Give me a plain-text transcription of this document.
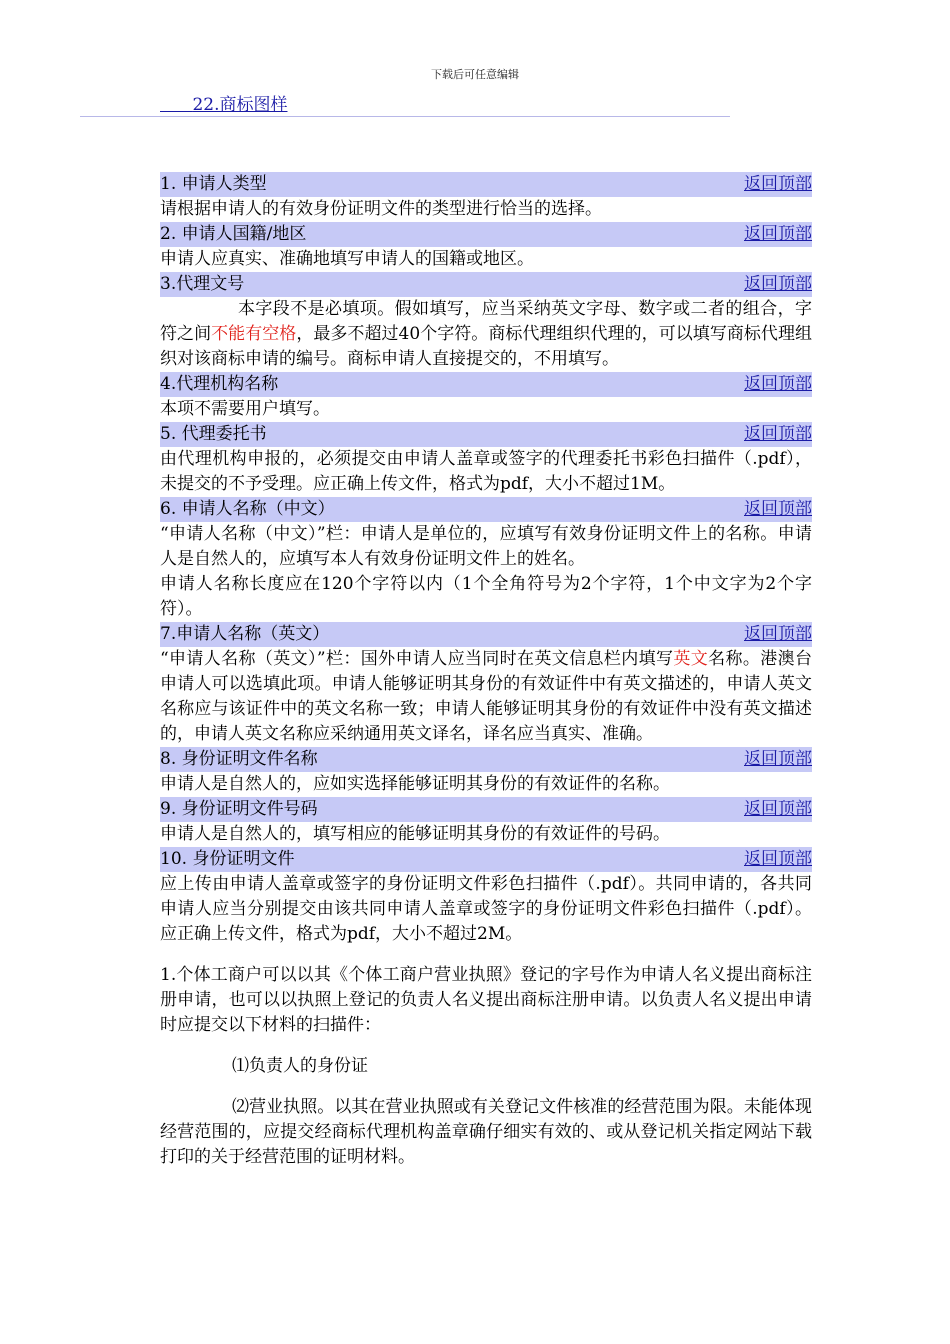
下载后可任意编辑
22.商标图样
1. 申请人类型	返回顶部

请根据申请人的有效身份证明文件的类型进行恰当的选择。

2. 申请人国籍/地区	返回顶部

申请人应真实、准确地填写申请人的国籍或地区。

3.代理文号	返回顶部

本字段不是必填项。假如填写，应当采纳英文字母、数字或二者的组合，字符之间不能有空格，最多不超过40个字符。商标代理组织代理的，可以填写商标代理组织对该商标申请的编号。商标申请人直接提交的，不用填写。

4.代理机构名称	返回顶部

本项不需要用户填写。

5. 代理委托书	返回顶部

由代理机构申报的，必须提交由申请人盖章或签字的代理委托书彩色扫描件（.pdf），未提交的不予受理。应正确上传文件，格式为pdf，大小不超过1M。

6. 申请人名称（中文）	返回顶部

“申请人名称（中文）”栏：申请人是单位的，应填写有效身份证明文件上的名称。申请人是自然人的，应填写本人有效身份证明文件上的姓名。

申请人名称长度应在120个字符以内（1个全角符号为2个字符，1个中文字为2个字符）。

7.申请人名称（英文）	返回顶部

“申请人名称（英文）”栏：国外申请人应当同时在英文信息栏内填写英文名称。港澳台申请人可以选填此项。申请人能够证明其身份的有效证件中有英文描述的，申请人英文名称应与该证件中的英文名称一致；申请人能够证明其身份的有效证件中没有英文描述的，申请人英文名称应采纳通用英文译名，译名应当真实、准确。

8. 身份证明文件名称	返回顶部

申请人是自然人的，应如实选择能够证明其身份的有效证件的名称。

9. 身份证明文件号码	返回顶部

申请人是自然人的，填写相应的能够证明其身份的有效证件的号码。

10. 身份证明文件	返回顶部

应上传由申请人盖章或签字的身份证明文件彩色扫描件（.pdf）。共同申请的，各共同申请人应当分别提交由该共同申请人盖章或签字的身份证明文件彩色扫描件（.pdf）。应正确上传文件，格式为pdf，大小不超过2M。

1.个体工商户可以以其《个体工商户营业执照》登记的字号作为申请人名义提出商标注册申请，也可以以执照上登记的负责人名义提出商标注册申请。以负责人名义提出申请时应提交以下材料的扫描件：

⑴负责人的身份证

⑵营业执照。以其在营业执照或有关登记文件核准的经营范围为限。未能体现经营范围的，应提交经商标代理机构盖章确仔细实有效的、或从登记机关指定网站下载打印的关于经营范围的证明材料。
